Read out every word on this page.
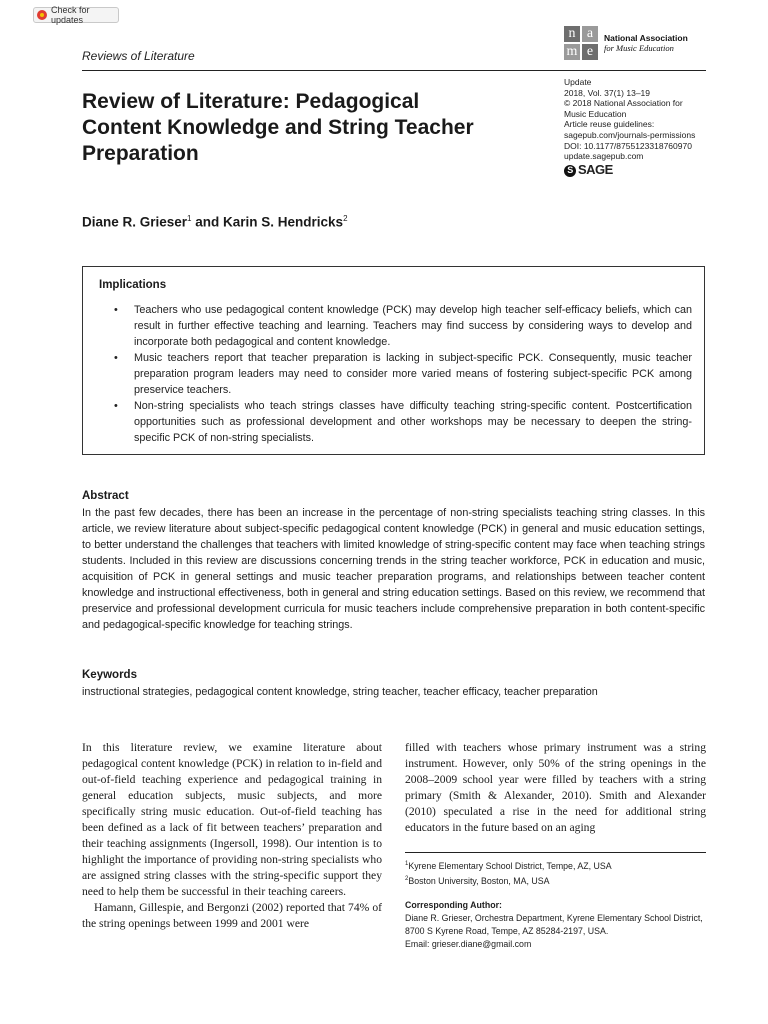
Check for updates
Reviews of Literature
n a
m e
National Association
for Music Education
Update
2018, Vol. 37(1) 13–19
© 2018 National Association for
Music Education
Article reuse guidelines:
sagepub.com/journals-permissions
DOI: 10.1177/8755123318760970
update.sagepub.com
S SAGE
Review of Literature: Pedagogical Content Knowledge and String Teacher Preparation
Diane R. Grieser$^1$ and Karin S. Hendricks$^2$
Implications
• Teachers who use pedagogical content knowledge (PCK) may develop high teacher self-efficacy beliefs, which can result in further effective teaching and learning. Teachers may find success by considering ways to develop and incorporate both pedagogical and content knowledge.
• Music teachers report that teacher preparation is lacking in subject-specific PCK. Consequently, music teacher preparation program leaders may need to consider more varied means of fostering subject-specific PCK among preservice teachers.
• Non-string specialists who teach strings classes have difficulty teaching string-specific content. Postcertification opportunities such as professional development and other workshops may be necessary to deepen the string-specific PCK of non-string specialists.
Abstract
In the past few decades, there has been an increase in the percentage of non-string specialists teaching string classes. In this article, we review literature about subject-specific pedagogical content knowledge (PCK) in general and music education settings, to better understand the challenges that teachers with limited knowledge of string-specific content may face when teaching strings students. Included in this review are discussions concerning trends in the string teacher workforce, PCK in education and music, acquisition of PCK in general settings and music teacher preparation programs, and relationships between teacher content knowledge and instructional effectiveness, both in general and string education settings. Based on this review, we recommend that preservice and professional development curricula for music teachers include comprehensive preparation in both content-specific and pedagogical-specific knowledge for teaching strings.
Keywords
instructional strategies, pedagogical content knowledge, string teacher, teacher efficacy, teacher preparation

In this literature review, we examine literature about pedagogical content knowledge (PCK) in relation to in-field and out-of-field teaching experience and pedagogical training in general education subjects, music subjects, and more specifically string music education. Out-of-field teaching has been defined as a lack of fit between teachers’ preparation and their teaching assignments (Ingersoll, 1998). Our intention is to highlight the importance of providing non-string specialists who are assigned string classes with the string-specific support they need to help them be successful in their teaching careers.

Hamann, Gillespie, and Bergonzi (2002) reported that 74% of the string openings between 1999 and 2001 were

filled with teachers whose primary instrument was a string instrument. However, only 50% of the string openings in the 2008–2009 school year were filled by teachers with a string primary (Smith & Alexander, 2010). Smith and Alexander (2010) speculated a rise in the need for additional string educators in the future based on an aging

$^1$Kyrene Elementary School District, Tempe, AZ, USA
$^2$Boston University, Boston, MA, USA
Corresponding Author:
Diane R. Grieser, Orchestra Department, Kyrene Elementary School District, 8700 S Kyrene Road, Tempe, AZ 85284-2197, USA.
Email: grieser.diane@gmail.com
